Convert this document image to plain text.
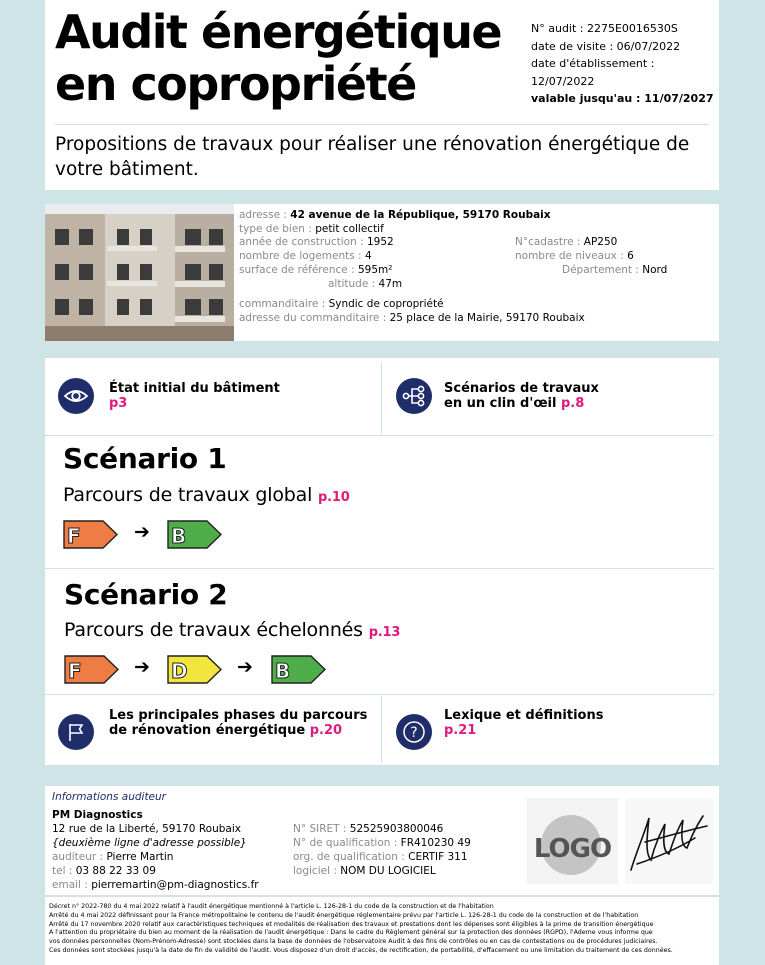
Audit énergétique
en copropriété
N° audit : 2275E0016530S
date de visite : 06/07/2022
date d'établissement : 12/07/2022
valable jusqu'au : 11/07/2027
Propositions de travaux pour réaliser une rénovation énergétique de votre bâtiment.
adresse : 42 avenue de la République, 59170 Roubaix
type de bien : petit collectif
année de construction : 1952
nombre de logements : 4
surface de référence : 595m²
altitude : 47m
N°cadastre : AP250
nombre de niveaux : 6
Département : Nord
commanditaire : Syndic de copropriété
adresse du commanditaire : 25 place de la Mairie, 59170 Roubaix
État initial du bâtiment
p3
Scénarios de travaux
en un clin d'œil p.8
Scénario 1
Parcours de travaux global p.10
F	➔ B
Scénario 2
Parcours de travaux échelonnés p.13
F	➔ D	➔ B
Les principales phases du parcours
de rénovation énergétique p.20	?
Lexique et définitions
p.21
Informations auditeur
PM Diagnostics
12 rue de la Liberté, 59170 Roubaix
{deuxième ligne d'adresse possible}
auditeur : Pierre Martin
tel : 03 88 22 33 09
email : pierremartin@pm-diagnostics.fr
N° SIRET : 52525903800046
N° de qualification : FR410230 49
org. de qualification : CERTIF 311
logiciel : NOM DU LOGICIEL
LOGO
Décret n° 2022-780 du 4 mai 2022 relatif à l'audit énergétique mentionné à l'article L. 126-28-1 du code de la construction et de l'habitation
Arrêté du 4 mai 2022 définissant pour la France métropolitaine le contenu de l'audit énergétique réglementaire prévu par l'article L. 126-28-1 du code de la construction et de l'habitation
Arrêté du 17 novembre 2020 relatif aux caractéristiques techniques et modalités de réalisation des travaux et prestations dont les dépenses sont éligibles à la prime de transition énergétique
À l'attention du propriétaire du bien au moment de la réalisation de l'audit énergétique : Dans le cadre du Règlement général sur la protection des données (RGPD), l'Ademe vous informe que
vos données personnelles (Nom-Prénom-Adresse) sont stockées dans la base de données de l'observatoire Audit à des fins de contrôles ou en cas de contestations ou de procédures judiciaires.
Ces données sont stockées jusqu'à la date de fin de validité de l'audit. Vous disposez d'un droit d'accès, de rectification, de portabilité, d'effacement ou une limitation du traitement de ces données.
